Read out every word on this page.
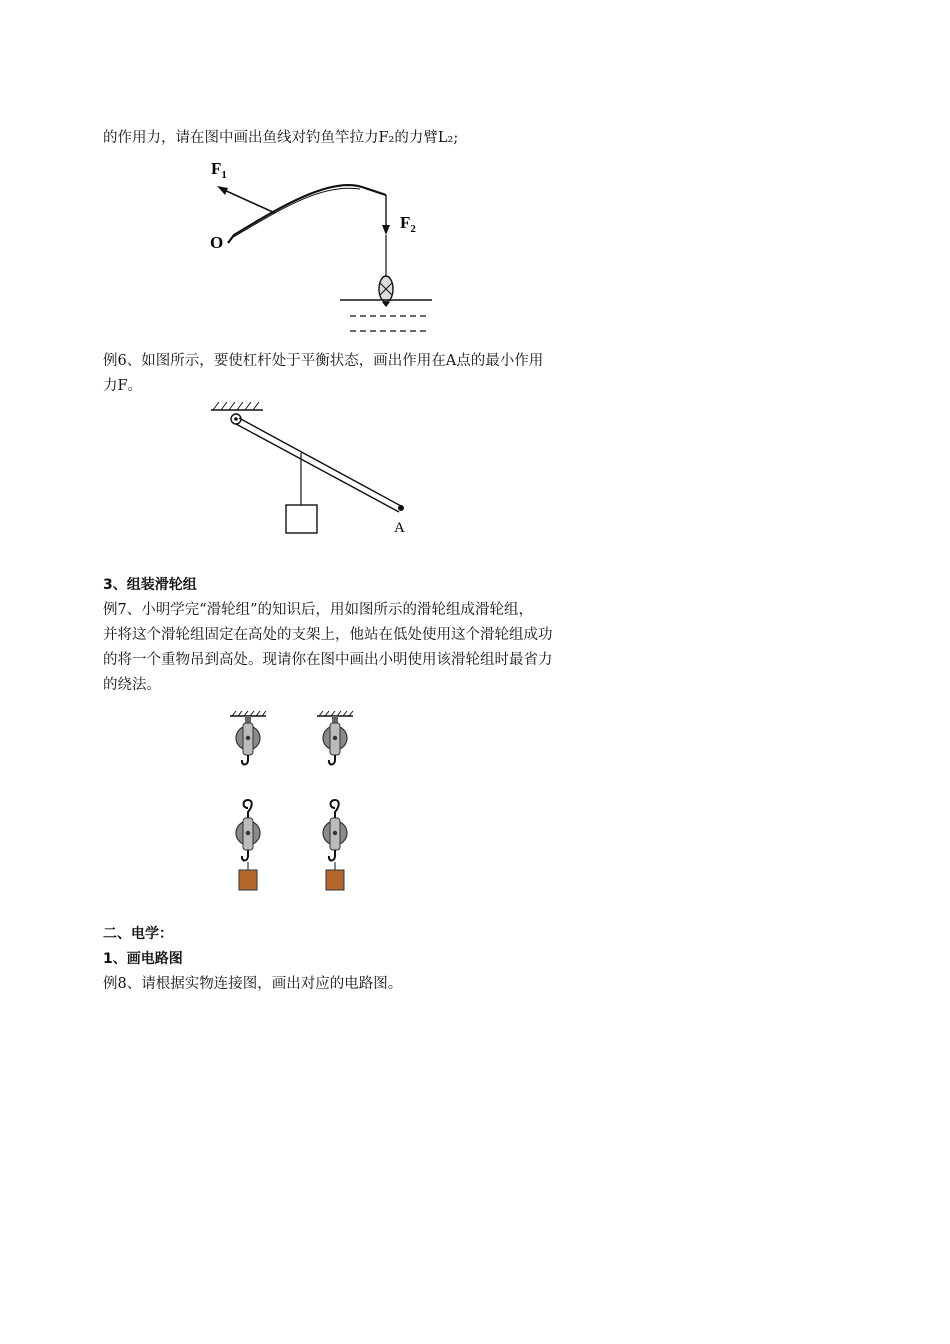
的作用力，请在图中画出鱼线对钓鱼竿拉力F₂的力臂L₂;

$F_1$
O
$F_2$

例6、如图所示，要使杠杆处于平衡状态，画出作用在A点的最小作用

力F。

A

3、组装滑轮组

例7、小明学完“滑轮组”的知识后，用如图所示的滑轮组成滑轮组，

并将这个滑轮组固定在高处的支架上，他站在低处使用这个滑轮组成功

的将一个重物吊到高处。现请你在图中画出小明使用该滑轮组时最省力

的绕法。

二、电学：

1、画电路图

例8、请根据实物连接图，画出对应的电路图。
